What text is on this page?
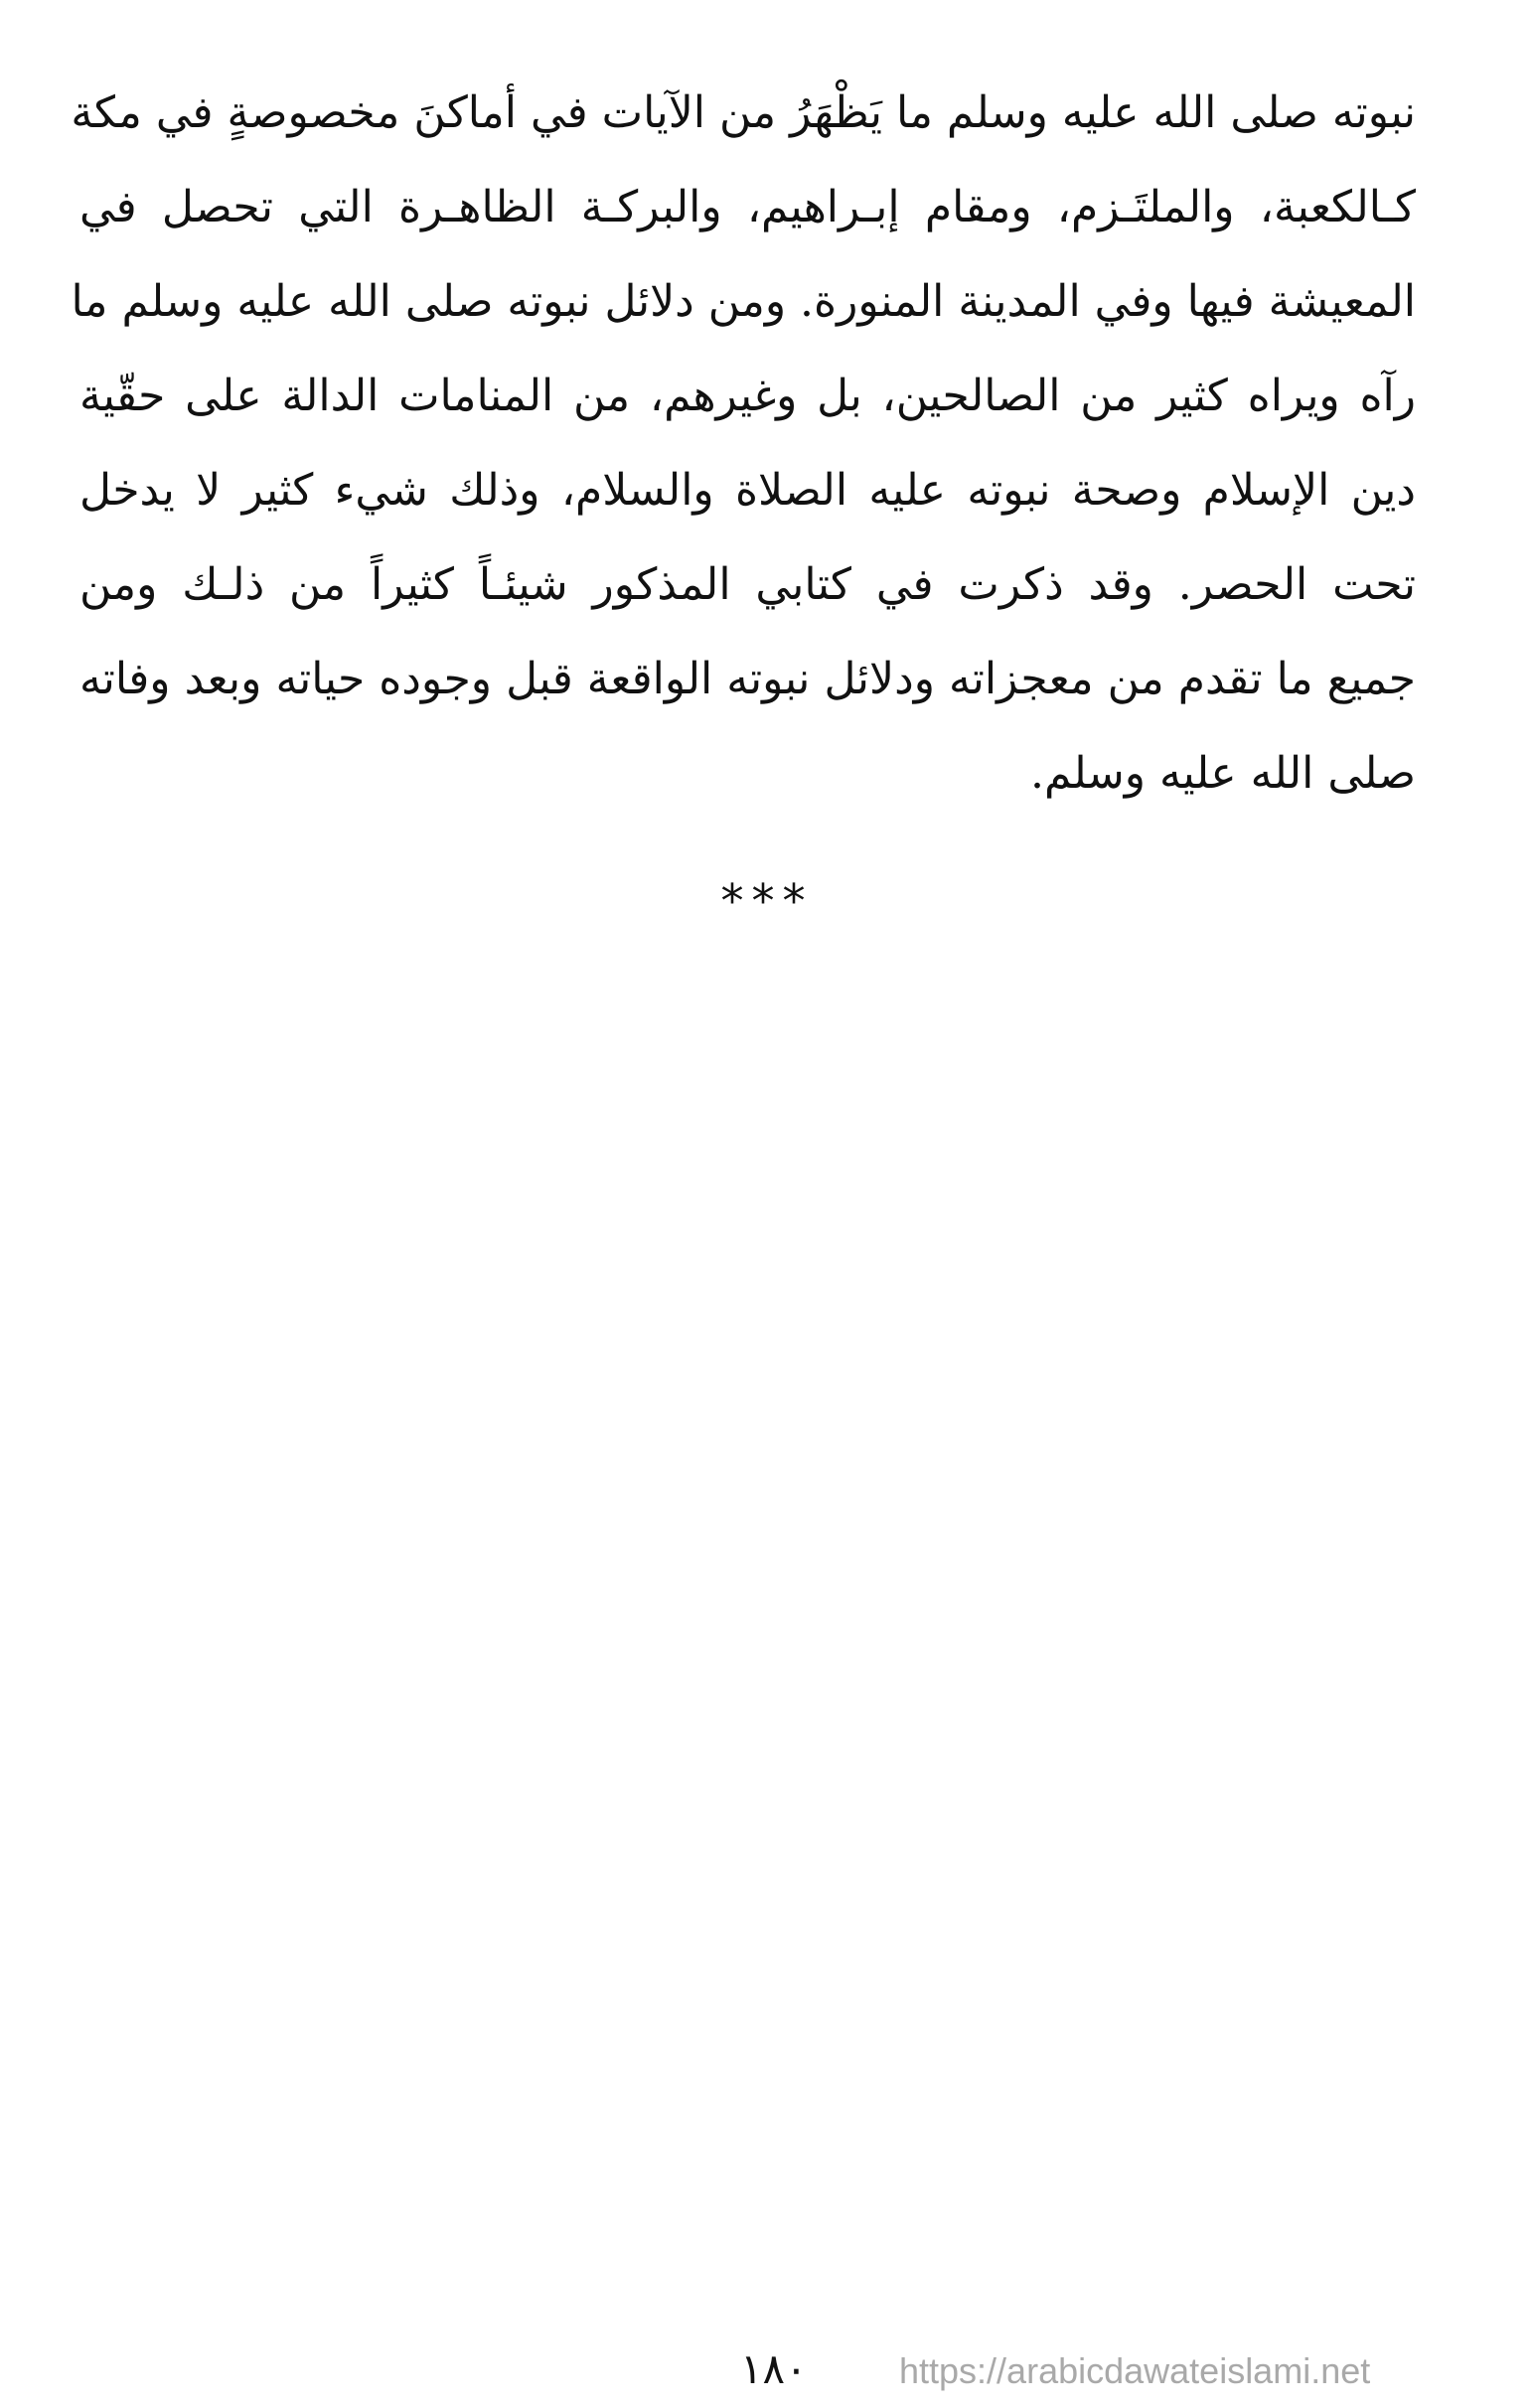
نبوته صلى الله عليه وسلم ما يَظْهَرُ من الآيات في أماكنَ مخصوصةٍ في مكة
كـالكعبة، والملتَـزم، ومقام إبـراهيم، والبركـة الظاهـرة التي تحصل في
المعيشة فيها وفي المدينة المنورة. ومن دلائل نبوته صلى الله عليه وسلم ما
رآه ويراه كثير من الصالحين، بل وغيرهم، من المنامات الدالة على حقّية
دين الإسلام وصحة نبوته عليه الصلاة والسلام، وذلك شيء كثير لا يدخل
تحت الحصر. وقد ذكرت في كتابي المذكور شيئـاً كثيراً من ذلـك ومن
جميع ما تقدم من معجزاته ودلائل نبوته الواقعة قبل وجوده حياته وبعد وفاته
صلى الله عليه وسلم.
***
١٨٠	https://arabicdawateislami.net
